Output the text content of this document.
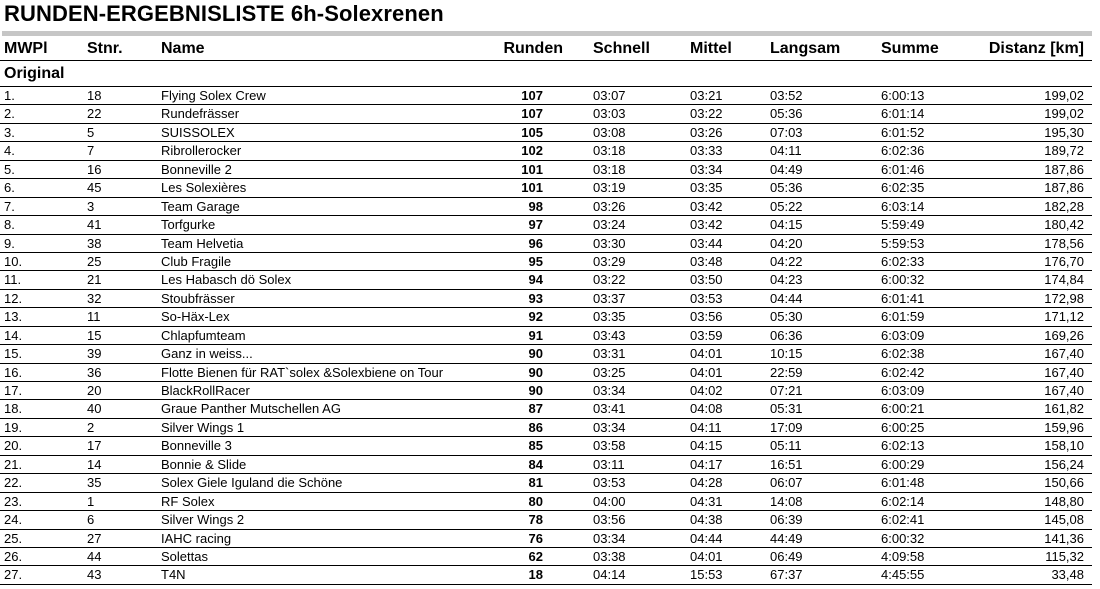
RUNDEN-ERGEBNISLISTE 6h-Solexrenen
MWPl Stnr. Name	Runden Schnell	Mittel Langsam	Summe	Distanz [km]
Original
1.	18	Flying Solex Crew	107	03:07	03:21	03:52	6:00:13	199,02
2.	22	Rundefrässer	107	03:03	03:22	05:36	6:01:14	199,02
3.	5	SUISSOLEX	105	03:08	03:26	07:03	6:01:52	195,30
4.	7	Ribrollerocker	102	03:18	03:33	04:11	6:02:36	189,72
5.	16	Bonneville 2	101	03:18	03:34	04:49	6:01:46	187,86
6.	45	Les Solexières	101	03:19	03:35	05:36	6:02:35	187,86
7.	3	Team Garage	98	03:26	03:42	05:22	6:03:14	182,28
8.	41	Torfgurke	97	03:24	03:42	04:15	5:59:49	180,42
9.	38	Team Helvetia	96	03:30	03:44	04:20	5:59:53	178,56
10.	25	Club Fragile	95	03:29	03:48	04:22	6:02:33	176,70
11.	21	Les Habasch dö Solex	94	03:22	03:50	04:23	6:00:32	174,84
12.	32	Stoubfrässer	93	03:37	03:53	04:44	6:01:41	172,98
13.	11	So-Häx-Lex	92	03:35	03:56	05:30	6:01:59	171,12
14.	15	Chlapfumteam	91	03:43	03:59	06:36	6:03:09	169,26
15.	39	Ganz in weiss...	90	03:31	04:01	10:15	6:02:38	167,40
16.	36	Flotte Bienen für RAT`solex &Solexbiene on Tour	90	03:25	04:01	22:59	6:02:42	167,40
17.	20	BlackRollRacer	90	03:34	04:02	07:21	6:03:09	167,40
18.	40	Graue Panther Mutschellen AG	87	03:41	04:08	05:31	6:00:21	161,82
19.	2	Silver Wings 1	86	03:34	04:11	17:09	6:00:25	159,96
20.	17	Bonneville 3	85	03:58	04:15	05:11	6:02:13	158,10
21.	14	Bonnie & Slide	84	03:11	04:17	16:51	6:00:29	156,24
22.	35	Solex Giele Iguland die Schöne	81	03:53	04:28	06:07	6:01:48	150,66
23.	1	RF Solex	80	04:00	04:31	14:08	6:02:14	148,80
24.	6	Silver Wings 2	78	03:56	04:38	06:39	6:02:41	145,08
25.	27	IAHC racing	76	03:34	04:44	44:49	6:00:32	141,36
26.	44	Solettas	62	03:38	04:01	06:49	4:09:58	115,32
27.	43	T4N	18	04:14	15:53	67:37	4:45:55	33,48
